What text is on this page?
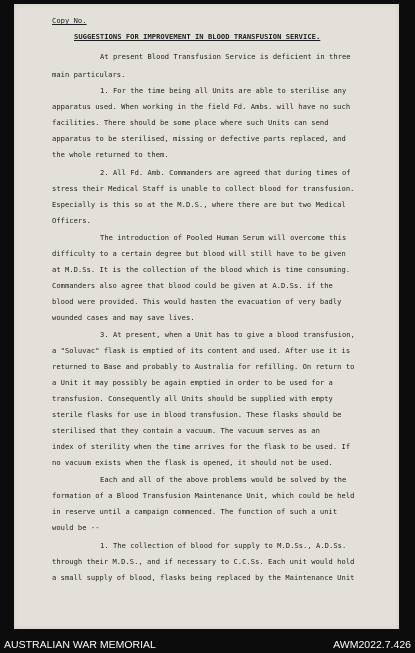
Copy No.
SUGGESTIONS FOR IMPROVEMENT IN BLOOD TRANSFUSION SERVICE.
At present Blood Transfusion Service is deficient in three
main particulars.
1. For the time being all Units are able to sterilise any
apparatus used. When working in the field Fd. Ambs. will have no such
facilities. There should be some place where such Units can send
apparatus to be sterilised, missing or defective parts replaced, and
the whole returned to them.
2. All Fd. Amb. Commanders are agreed that during times of
stress their Medical Staff is unable to collect blood for transfusion.
Especially is this so at the M.D.S., where there are but two Medical
Officers.
The introduction of Pooled Human Serum will overcome this
difficulty to a certain degree but blood will still have to be given
at M.D.Ss. It is the collection of the blood which is time consuming.
Commanders also agree that blood could be given at A.D.Ss. if the
blood were provided. This would hasten the evacuation of very badly
wounded cases and may save lives.
3. At present, when a Unit has to give a blood transfusion,
a "Soluvac" flask is emptied of its content and used. After use it is
returned to Base and probably to Australia for refilling. On return to
a Unit it may possibly be again emptied in order to be used for a
transfusion. Consequently all Units should be supplied with empty
sterile flasks for use in blood transfusion. These flasks should be
sterilised that they contain a vacuum. The vacuum serves as an
index of sterility when the time arrives for the flask to be used. If
no vacuum exists when the flask is opened, it should not be used.
Each and all of the above problems would be solved by the
formation of a Blood Transfusion Maintenance Unit, which could be held
in reserve until a campaign commenced. The function of such a unit
would be --
1. The collection of blood for supply to M.D.Ss., A.D.Ss.
through their M.D.S., and if necessary to C.C.Ss. Each unit would hold
a small supply of blood, flasks being replaced by the Maintenance Unit
AUSTRALIAN WAR MEMORIAL	AWM2022.7.426
